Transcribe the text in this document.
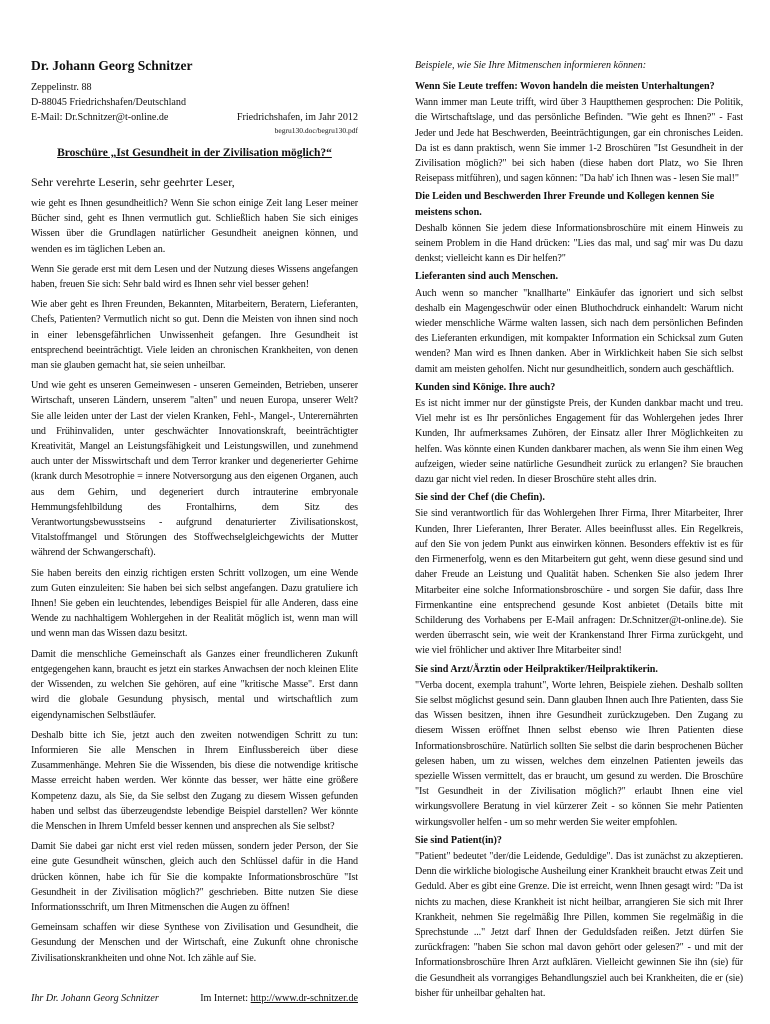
Dr. Johann Georg Schnitzer
Zeppelinstr. 88
D-88045 Friedrichshafen/Deutschland
E-Mail: Dr.Schnitzer@t-online.de	Friedrichshafen, im Jahr 2012
begru130.doc/begru130.pdf
Broschüre „Ist Gesundheit in der Zivilisation möglich?“
Sehr verehrte Leserin, sehr geehrter Leser,

wie geht es Ihnen gesundheitlich? Wenn Sie schon einige Zeit lang Leser meiner Bücher sind, geht es Ihnen vermutlich gut. Schließlich haben Sie sich einiges Wissen über die Grundlagen natürlicher Gesundheit aneignen können, und wenden es im täglichen Leben an.

Wenn Sie gerade erst mit dem Lesen und der Nutzung dieses Wissens angefangen haben, freuen Sie sich: Sehr bald wird es Ihnen sehr viel besser gehen!

Wie aber geht es Ihren Freunden, Bekannten, Mitarbeitern, Beratern, Lieferanten, Chefs, Patienten? Vermutlich nicht so gut. Denn die Meisten von ihnen sind noch in einer lebensgefährlichen Unwissenheit gefangen. Ihre Gesundheit ist entsprechend beeinträchtigt. Viele leiden an chronischen Krankheiten, von denen man sie glauben gemacht hat, sie seien unheilbar.

Und wie geht es unseren Gemeinwesen - unseren Gemeinden, Betrieben, unserer Wirtschaft, unseren Ländern, unserem "alten" und neuen Europa, unserer Welt? Sie alle leiden unter der Last der vielen Kranken, Fehl-, Mangel-, Unterernährten und Frühinvaliden, unter geschwächter Innovationskraft, beeinträchtigter Kreativität, Mangel an Leistungsfähigkeit und Leistungswillen, und zunehmend auch unter der Misswirtschaft und dem Terror kranker und degenerierter Gehirne (krank durch Mesotrophie = innere Notversorgung aus den eigenen Organen, auch aus dem Gehirn, und degeneriert durch intrauterine embryonale Hemmungsfehlbildung des Frontalhirns, dem Sitz des Verantwortungsbewusstseins - aufgrund denaturierter Zivilisationskost, Vitalstoffmangel und Störungen des Stoffwechselgleichgewichts der Mutter während der Schwangerschaft).

Sie haben bereits den einzig richtigen ersten Schritt vollzogen, um eine Wende zum Guten einzuleiten: Sie haben bei sich selbst angefangen. Dazu gratuliere ich Ihnen! Sie geben ein leuchtendes, lebendiges Beispiel für alle Anderen, dass eine Wende zu nachhaltigem Wohlergehen in der Realität möglich ist, wenn man will und wenn man das Wissen dazu besitzt.

Damit die menschliche Gemeinschaft als Ganzes einer freundlicheren Zukunft entgegengehen kann, braucht es jetzt ein starkes Anwachsen der noch kleinen Elite der Wissenden, zu welchen Sie gehören, auf eine "kritische Masse". Erst dann wird die globale Gesundung physisch, mental und wirtschaftlich zum eigendynamischen Selbstläufer.

Deshalb bitte ich Sie, jetzt auch den zweiten notwendigen Schritt zu tun: Informieren Sie alle Menschen in Ihrem Einflussbereich über diese Zusammenhänge. Mehren Sie die Wissenden, bis diese die notwendige kritische Masse erreicht haben werden. Wer könnte das besser, wer hätte eine größere Kompetenz dazu, als Sie, da Sie selbst den Zugang zu diesem Wissen gefunden haben und selbst das überzeugendste lebendige Beispiel darstellen? Wer könnte die Menschen in Ihrem Umfeld besser kennen und ansprechen als Sie selbst?

Damit Sie dabei gar nicht erst viel reden müssen, sondern jeder Person, der Sie eine gute Gesundheit wünschen, gleich auch den Schlüssel dafür in die Hand drücken können, habe ich für Sie die kompakte Informationsbroschüre "Ist Gesundheit in der Zivilisation möglich?" geschrieben. Bitte nutzen Sie diese Informationsschrift, um Ihren Mitmenschen die Augen zu öffnen!

Gemeinsam schaffen wir diese Synthese von Zivilisation und Gesundheit, die Gesundung der Menschen und der Wirtschaft, eine Zukunft ohne chronische Zivilisationskrankheiten und ohne Not. Ich zähle auf Sie.

Ihr Dr. Johann Georg Schnitzer	Im Internet: http://www.dr-schnitzer.de
Beispiele, wie Sie Ihre Mitmenschen informieren können:
Wenn Sie Leute treffen: Wovon handeln die meisten Unterhaltungen?

Wann immer man Leute trifft, wird über 3 Hauptthemen gesprochen: Die Politik, die Wirtschaftslage, und das persönliche Befinden. "Wie geht es Ihnen?" - Fast Jeder und Jede hat Beschwerden, Beeinträchtigungen, gar ein chronisches Leiden. Da ist es dann praktisch, wenn Sie immer 1-2 Broschüren "Ist Gesundheit in der Zivilisation möglich?" bei sich haben (diese haben dort Platz, wo Sie Ihren Reisepass mitführen), und sagen können: "Da hab' ich Ihnen was - lesen Sie mal!"

Die Leiden und Beschwerden Ihrer Freunde und Kollegen kennen Sie meistens schon.

Deshalb können Sie jedem diese Informationsbroschüre mit einem Hinweis zu seinem Problem in die Hand drücken: "Lies das mal, und sag' mir was Du dazu denkst; vielleicht kann es Dir helfen?"

Lieferanten sind auch Menschen.

Auch wenn so mancher "knallharte" Einkäufer das ignoriert und sich selbst deshalb ein Magengeschwür oder einen Bluthochdruck einhandelt: Warum nicht wieder menschliche Wärme walten lassen, sich nach dem persönlichen Befinden des Lieferanten erkundigen, mit kompakter Information ein Schicksal zum Guten wenden? Man wird es Ihnen danken. Aber in Wirklichkeit haben Sie sich selbst damit am meisten geholfen. Nicht nur gesundheitlich, sondern auch geschäftlich.

Kunden sind Könige. Ihre auch?

Es ist nicht immer nur der günstigste Preis, der Kunden dankbar macht und treu. Viel mehr ist es Ihr persönliches Engagement für das Wohlergehen jedes Ihrer Kunden, Ihr aufmerksames Zuhören, der Einsatz aller Ihrer Möglichkeiten zu helfen. Was könnte einen Kunden dankbarer machen, als wenn Sie ihm einen Weg aufzeigen, wieder seine natürliche Gesundheit zurück zu erlangen? Sie brauchen dazu gar nicht viel reden. In dieser Broschüre steht alles drin.

Sie sind der Chef (die Chefin).

Sie sind verantwortlich für das Wohlergehen Ihrer Firma, Ihrer Mitarbeiter, Ihrer Kunden, Ihrer Lieferanten, Ihrer Berater. Alles beeinflusst alles. Ein Regelkreis, auf den Sie von jedem Punkt aus einwirken können. Besonders effektiv ist es für den Firmenerfolg, wenn es den Mitarbeitern gut geht, wenn diese gesund sind und daher Freude an Leistung und Qualität haben. Schenken Sie also jedem Ihrer Mitarbeiter eine solche Informationsbroschüre - und sorgen Sie dafür, dass Ihre Firmenkantine eine entsprechend gesunde Kost anbietet (Details bitte mit Schilderung des Vorhabens per E-Mail anfragen: Dr.Schnitzer@t-online.de). Sie werden überrascht sein, wie weit der Krankenstand Ihrer Firma zurückgeht, und wie viel fröhlicher und aktiver Ihre Mitarbeiter sind!

Sie sind Arzt/Ärztin oder Heilpraktiker/Heilpraktikerin.

"Verba docent, exempla trahunt", Worte lehren, Beispiele ziehen. Deshalb sollten Sie selbst möglichst gesund sein. Dann glauben Ihnen auch Ihre Patienten, dass Sie das Wissen besitzen, ihnen ihre Gesundheit zurückzugeben. Den Zugang zu diesem Wissen eröffnet Ihnen selbst ebenso wie Ihren Patienten diese Informationsbroschüre. Natürlich sollten Sie selbst die darin besprochenen Bücher gelesen haben, um zu wissen, welches dem einzelnen Patienten jeweils das spezielle Wissen vermittelt, das er braucht, um gesund zu werden. Die Broschüre "Ist Gesundheit in der Zivilisation möglich?" erlaubt Ihnen eine viel wirkungsvollere Beratung in viel kürzerer Zeit - so können Sie mehr Patienten wirkungsvoller helfen - um so mehr werden Sie weiter empfohlen.

Sie sind Patient(in)?

"Patient" bedeutet "der/die Leidende, Geduldige". Das ist zunächst zu akzeptieren. Denn die wirkliche biologische Ausheilung einer Krankheit braucht etwas Zeit und Geduld. Aber es gibt eine Grenze. Die ist erreicht, wenn Ihnen gesagt wird: "Da ist nichts zu machen, diese Krankheit ist nicht heilbar, arrangieren Sie sich mit Ihrer Krankheit, nehmen Sie regelmäßig Ihre Pillen, kommen Sie regelmäßig in die Sprechstunde ..." Jetzt darf Ihnen der Geduldsfaden reißen. Jetzt dürfen Sie zurückfragen: "haben Sie schon mal davon gehört oder gelesen?" - und mit der Informationsbroschüre Ihren Arzt aufklären. Vielleicht gewinnen Sie ihn (sie) für die Gesundheit als vorrangiges Behandlungsziel auch bei Krankheiten, die er (sie) bisher für unheilbar gehalten hat.
